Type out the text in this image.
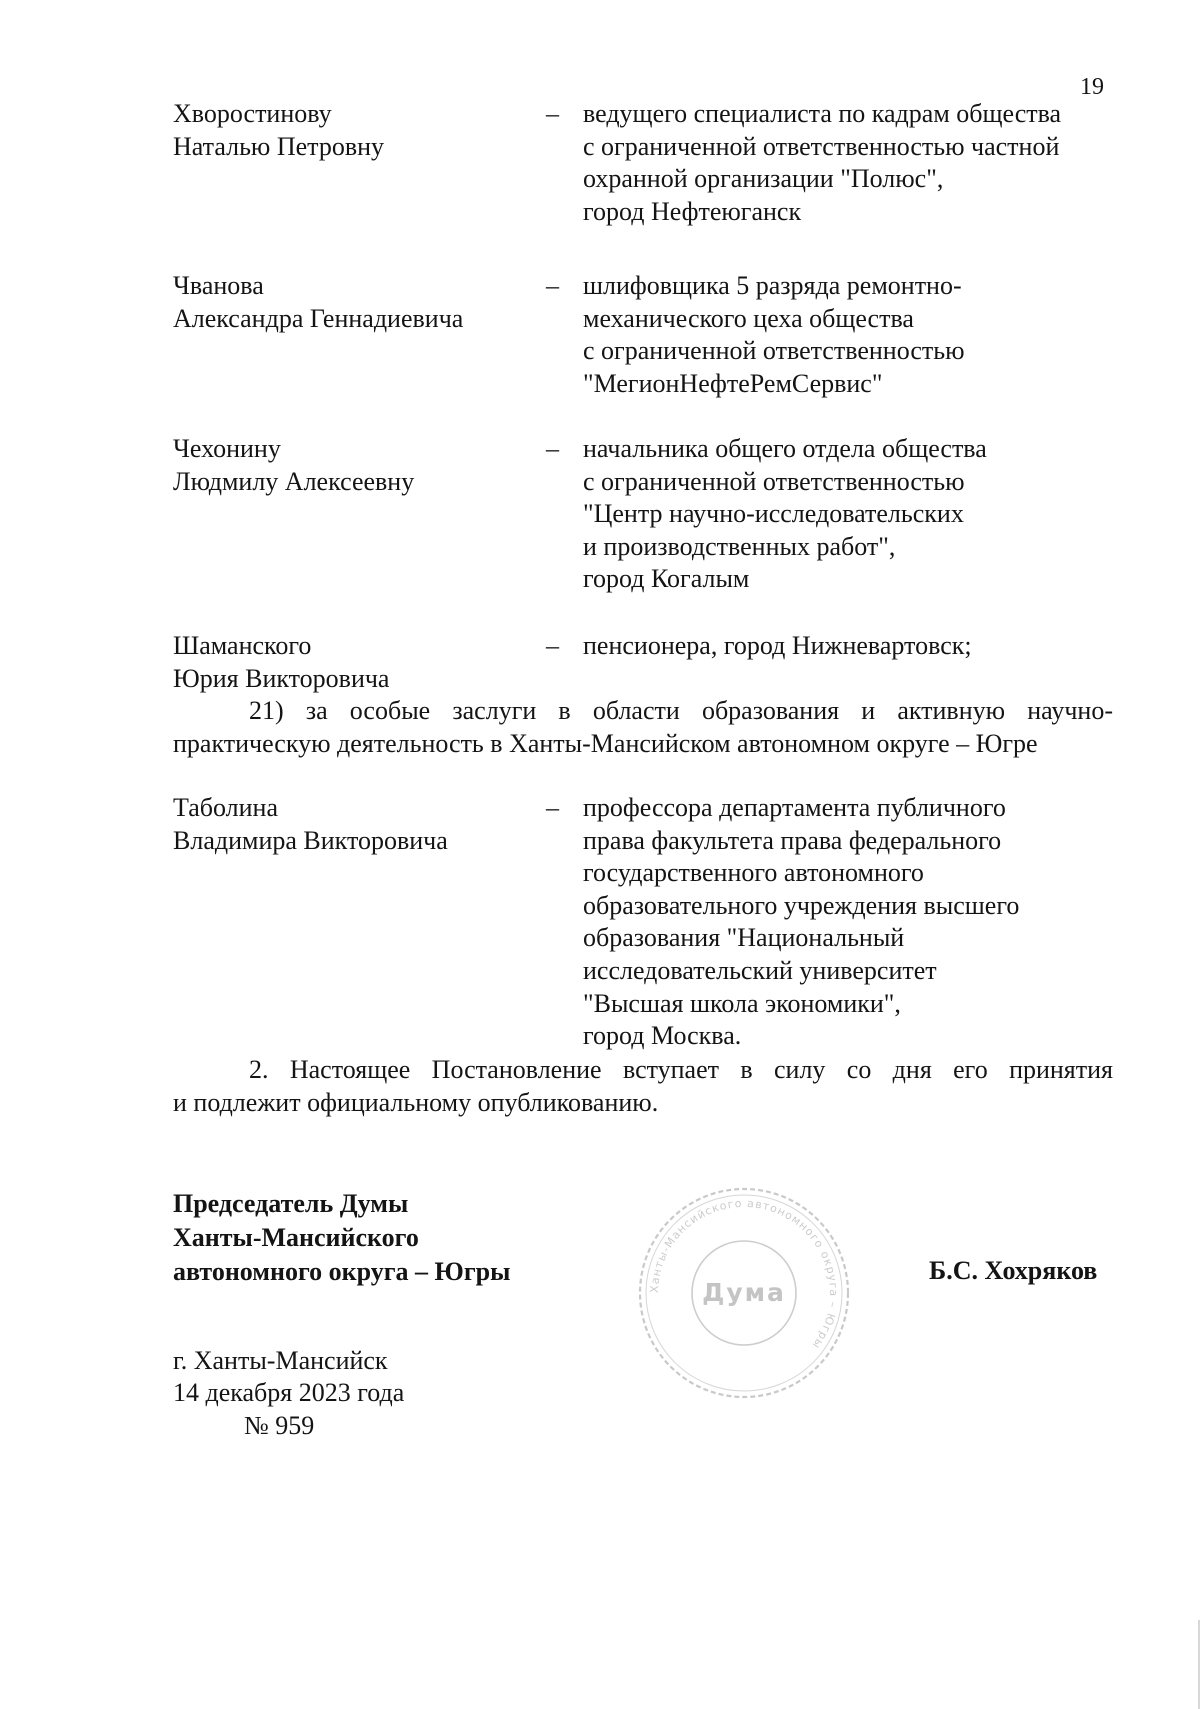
19
Хворостинову
Наталью Петровну
– ведущего специалиста по кадрам общества
с ограниченной ответственностью частной
охранной организации "Полюс",
город Нефтеюганск
Чванова
Александра Геннадиевича
– шлифовщика 5 разряда ремонтно-
механического цеха общества
с ограниченной ответственностью
"МегионНефтеРемСервис"
Чехонину
Людмилу Алексеевну
– начальника общего отдела общества
с ограниченной ответственностью
"Центр научно-исследовательских
и производственных работ",
город Когалым
Шаманского
Юрия Викторовича
– пенсионера, город Нижневартовск;
21) за особые заслуги в области образования и активную научно-
практическую деятельность в Ханты-Мансийском автономном округе – Югре
Таболина
Владимира Викторовича
– профессора департамента публичного
права факультета права федерального
государственного автономного
образовательного учреждения высшего
образования "Национальный
исследовательский университет
"Высшая школа экономики",
город Москва.
2. Настоящее Постановление вступает в силу со дня его принятия
и подлежит официальному опубликованию.
Председатель Думы
Ханты-Мансийского
автономного округа – Югры	Б.С. Хохряков
Ханты-Мансийского автономного округа – Югры
Дума
г. Ханты-Мансийск
14 декабря 2023 года
№ 959
